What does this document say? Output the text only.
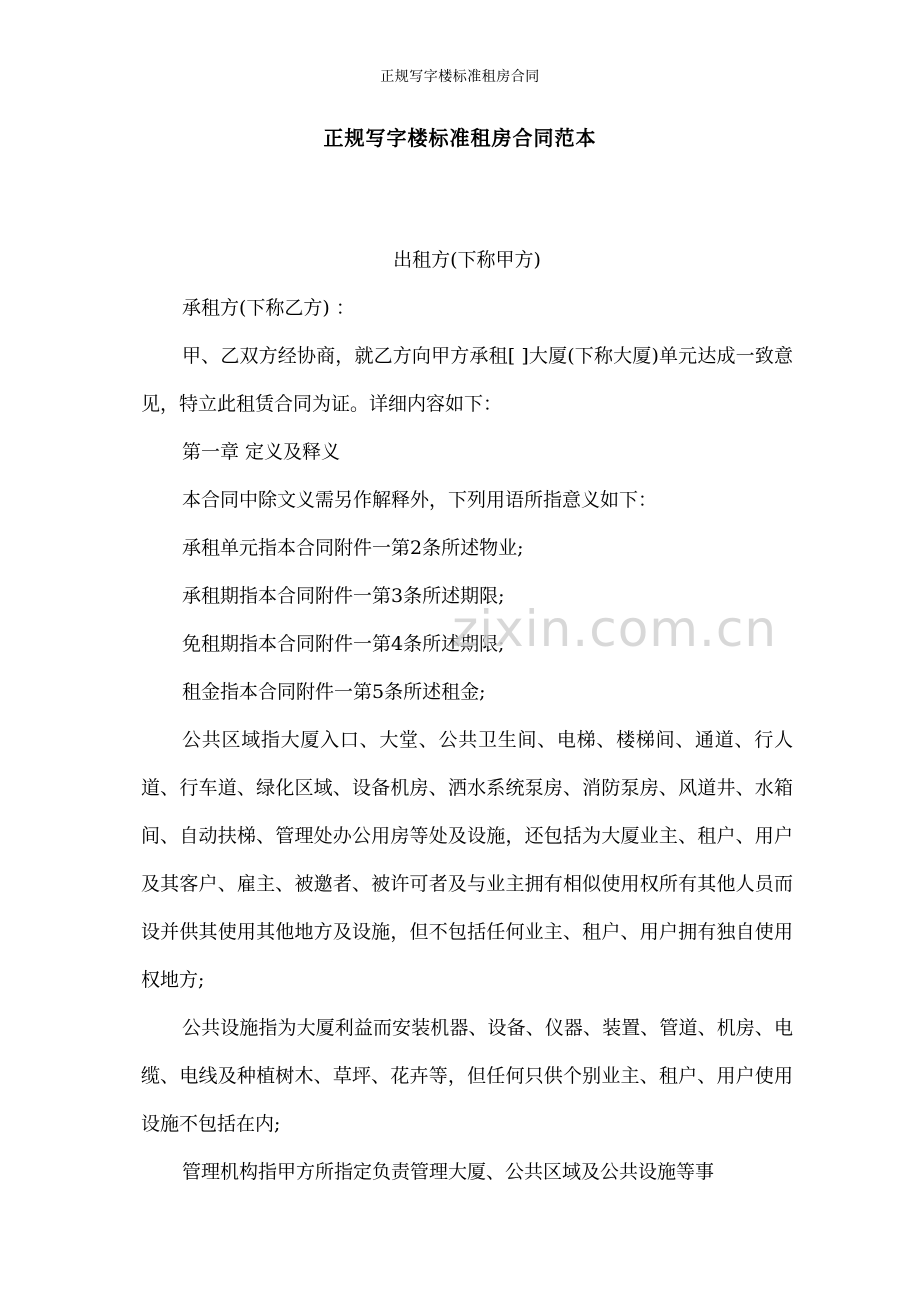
正规写字楼标准租房合同
正规写字楼标准租房合同范本

出租方(下称甲方)

承租方(下称乙方) ：

甲、乙双方经协商，就乙方向甲方承租[ ]大厦(下称大厦)单元达成一致意见，特立此租赁合同为证。详细内容如下：

第一章 定义及释义

本合同中除文义需另作解释外，下列用语所指意义如下：

承租单元指本合同附件一第2条所述物业;

承租期指本合同附件一第3条所述期限;

免租期指本合同附件一第4条所述期限;

租金指本合同附件一第5条所述租金;

公共区域指大厦入口、大堂、公共卫生间、电梯、楼梯间、通道、行人道、行车道、绿化区域、设备机房、洒水系统泵房、消防泵房、风道井、水箱间、自动扶梯、管理处办公用房等处及设施，还包括为大厦业主、租户、用户及其客户、雇主、被邀者、被许可者及与业主拥有相似使用权所有其他人员而设并供其使用其他地方及设施，但不包括任何业主、租户、用户拥有独自使用权地方;

公共设施指为大厦利益而安装机器、设备、仪器、装置、管道、机房、电缆、电线及种植树木、草坪、花卉等，但任何只供个别业主、租户、用户使用设施不包括在内;

管理机构指甲方所指定负责管理大厦、公共区域及公共设施等事

zixin.com.cn
